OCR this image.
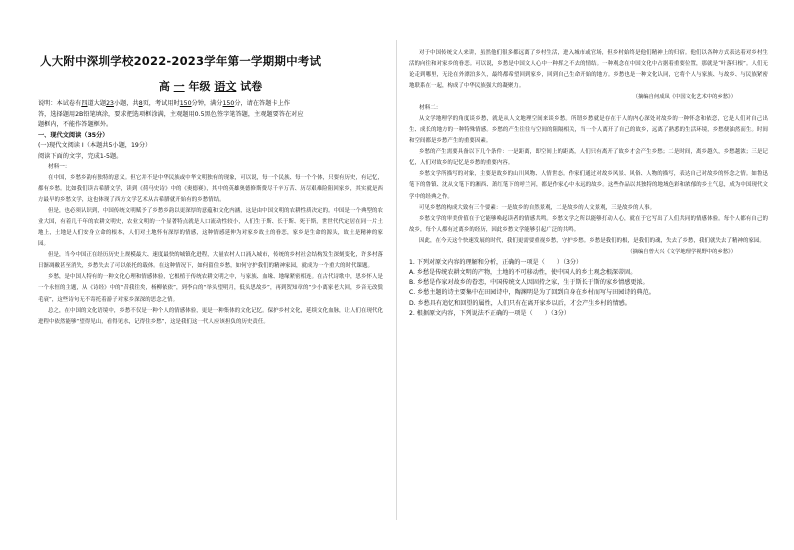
人大附中深圳学校2022-2023学年第一学期期中考试
高 一 年级 语文 试卷
说明：本试卷有四道大题23小题，共8页，考试用时150分钟，满分150分，请在答题卡上作
答，选择题用2B铅笔填涂，要求把选项框涂满，主观题用0.5黑色签字笔答题，主观题要答在对应
题框内，不能作答题框外。
一、现代文阅读（35分）
(一)现代文阅读 I（本题共5小题，19分）
阅读下面的文字，完成1-5题。

材料一：

在中国，乡愁乡韵有独特的意义。但它并不是中华民族或中华文明独有的现象，可以说，每一个民族、每一个个体，只要有历史，有记忆，都有乡愁。比如我们读古希腊文学，读到《荷马史诗》中的《奥德赛》，其中的英雄奥德修斯费尽千辛万苦、历尽艰难险阻回家乡，其实就是西方最早的乡愁文学，这也体现了西方文学艺术从古希腊就开始有的乡愁情结。

但是，也必须认识到，中国传统文明赋予了乡愁乡韵以更深厚的意蕴和文化内涵，这是由中国文明的农耕性质决定的。中国是一个典型的农业大国，有着几千年的农耕文明史，农业文明的一个显著特点就是人口流动性较小，人们生于斯、长于斯、死于斯，世世代代定居在同一片土地上，土地是人们安身立命的根本，人们对土地怀有深厚的情感，这种情感延伸为对家乡故土的眷恋，家乡是生命的源头，故土是精神的家园。

但是，当今中国正在经历历史上规模最大、速度最快的城镇化进程，大量农村人口涌入城市，传统的乡村社会结构发生深刻变化，许多村落日渐凋敝甚至消失，乡愁失去了可以依托的载体。在这种情况下，如何留住乡愁，如何守护我们的精神家园，就成为一个重大的时代课题。

乡愁，是中国人特有的一种文化心理和情感体验，它根植于传统农耕文明之中，与家族、血缘、地缘紧密相连。在古代诗歌中，思乡怀人是一个永恒的主题，从《诗经》中的“昔我往矣，杨柳依依”，到李白的“举头望明月，低头思故乡”，再到贺知章的“少小离家老大回，乡音无改鬓毛衰”，这些诗句无不寄托着游子对家乡深深的思念之情。

总之，在中国的文化语境中，乡愁不仅是一种个人的情感体验，更是一种集体的文化记忆。保护乡村文化，延续文化血脉，让人们在现代化进程中依然能够“望得见山，看得见水，记得住乡愁”，这是我们这一代人应该担负的历史责任。

对于中国传统文人来讲，虽然他们很多都远离了乡村生活，进入城市或官场，但乡村始终是他们精神上的归宿。他们以各种方式表达着对乡村生活的向往和对家乡的眷恋。可以说，乡愁是中国文人心中一种挥之不去的情结。一种观念在中国文化中占据着重要位置，那就是“叶落归根”。人们无论走到哪里，无论在外漂泊多久，最终都希望回到家乡，回到自己生命开始的地方。乡愁也是一种文化认同，它将个人与家族、与故乡、与民族紧密地联系在一起，构成了中华民族强大的凝聚力。

（摘编自何成凤《中国文化艺术中的乡愁》）

材料二：

从文学地理学的角度谈乡愁，就是从人文地理空间来谈乡愁。所谓乡愁就是存在于人的内心深处对故乡的一种怀念和依恋，它是人们对自己出生、成长的地方的一种特殊情感。乡愁的产生往往与空间的阻隔相关，当一个人离开了自己的故乡，远离了熟悉的生活环境，乡愁便油然而生。时间和空间都是乡愁产生的重要因素。

乡愁的产生需要具备以下几个条件：一是距离，即空间上的距离，人们只有离开了故乡才会产生乡愁；二是时间，离乡越久，乡愁越浓；三是记忆，人们对故乡的记忆是乡愁的重要内容。

乡愁文学所描写的对象，主要是故乡的山川风物、人情世态。作家们通过对故乡风景、风俗、人物的描写，表达自己对故乡的怀念之情。如鲁迅笔下的鲁镇、沈从文笔下的湘西、萧红笔下的呼兰河，都是作家心中永远的故乡。这些作品以其独特的地域色彩和浓郁的乡土气息，成为中国现代文学中的经典之作。

可见乡愁的构成大致有三个要素：一是故乡的自然景观，二是故乡的人文景观，三是故乡的人事。

乡愁文学的审美价值在于它能够唤起读者的情感共鸣。乡愁文学之所以能够打动人心，就在于它写出了人们共同的情感体验。每个人都有自己的故乡，每个人都有过离乡的经历，因此乡愁文学能够引起广泛的共鸣。

因此，在今天这个快速发展的时代，我们更需要重视乡愁，守护乡愁。乡愁是我们的根，是我们的魂，失去了乡愁，我们就失去了精神的家园。

（摘编自曾大兴《文学地理学视野中的乡愁》）

1. 下列对原文内容的理解和分析，正确的一项是（　　）（3分）

A. 乡愁是传统农耕文明的产物，土地的不可移动性，使中国人的乡土观念根深蒂固。

B. 乡愁是作家对故乡的眷恋，中国传统文人因固持之家，生于斯长于斯的家乡情感更浓。

C. 乡愁主题的诗主要集中在田园诗中，陶渊明是为了回到自身在乡村而写与田园诗的典范。

D. 乡愁具有追忆和回望的属性，人们只有在离开家乡以后，才会产生乡村的情感。

2. 根据原文内容，下列说法不正确的一项是（　　）（3分）
